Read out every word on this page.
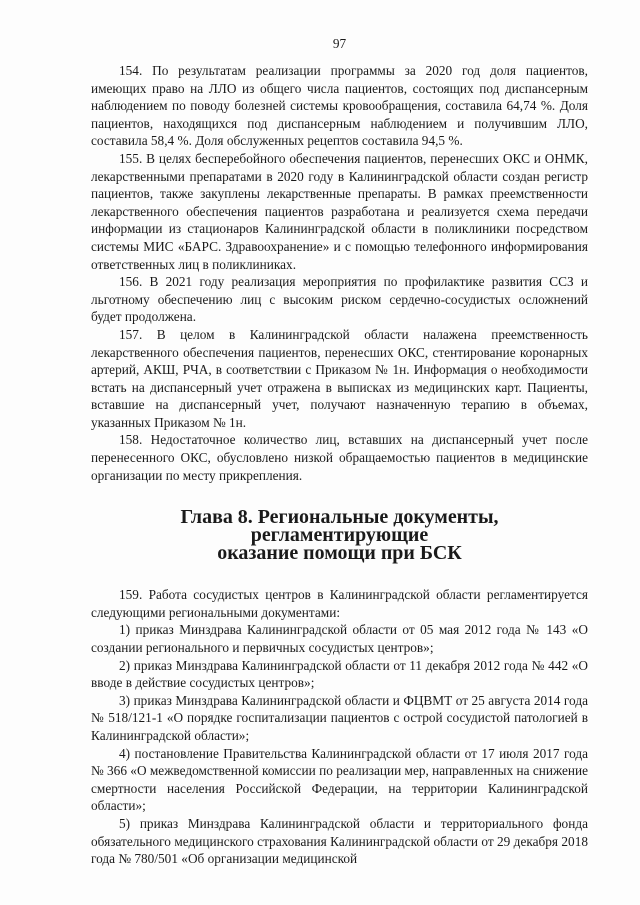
97

154. По результатам реализации программы за 2020 год доля пациентов, имеющих право на ЛЛО из общего числа пациентов, состоящих под диспансерным наблюдением по поводу болезней системы кровообращения, составила 64,74 %. Доля пациентов, находящихся под диспансерным наблюдением и получившим ЛЛО, составила 58,4 %. Доля обслуженных рецептов составила 94,5 %.

155. В целях бесперебойного обеспечения пациентов, перенесших ОКС и ОНМК, лекарственными препаратами в 2020 году в Калининградской области создан регистр пациентов, также закуплены лекарственные препараты. В рамках преемственности лекарственного обеспечения пациентов разработана и реализуется схема передачи информации из стационаров Калининградской области в поликлиники посредством системы МИС «БАРС. Здравоохранение» и с помощью телефонного информирования ответственных лиц в поликлиниках.

156. В 2021 году реализация мероприятия по профилактике развития ССЗ и льготному обеспечению лиц с высоким риском сердечно-сосудистых осложнений будет продолжена.

157. В целом в Калининградской области налажена преемственность лекарственного обеспечения пациентов, перенесших ОКС, стентирование коронарных артерий, АКШ, РЧА, в соответствии с Приказом № 1н. Информация о необходимости встать на диспансерный учет отражена в выписках из медицинских карт. Пациенты, вставшие на диспансерный учет, получают назначенную терапию в объемах, указанных Приказом № 1н.

158. Недостаточное количество лиц, вставших на диспансерный учет после перенесенного ОКС, обусловлено низкой обращаемостью пациентов в медицинские организации по месту прикрепления.

Глава 8. Региональные документы, регламентирующие
оказание помощи при БСК

159. Работа сосудистых центров в Калининградской области регламентируется следующими региональными документами:

1) приказ Минздрава Калининградской области от 05 мая 2012 года № 143 «О создании регионального и первичных сосудистых центров»;

2) приказ Минздрава Калининградской области от 11 декабря 2012 года № 442 «О вводе в действие сосудистых центров»;

3) приказ Минздрава Калининградской области и ФЦВМТ от 25 августа 2014 года № 518/121-1 «О порядке госпитализации пациентов с острой сосудистой патологией в Калининградской области»;

4) постановление Правительства Калининградской области от 17 июля 2017 года № 366 «О межведомственной комиссии по реализации мер, направленных на снижение смертности населения Российской Федерации, на территории Калининградской области»;

5) приказ Минздрава Калининградской области и территориального фонда обязательного медицинского страхования Калининградской области от 29 декабря 2018 года № 780/501 «Об организации медицинской
